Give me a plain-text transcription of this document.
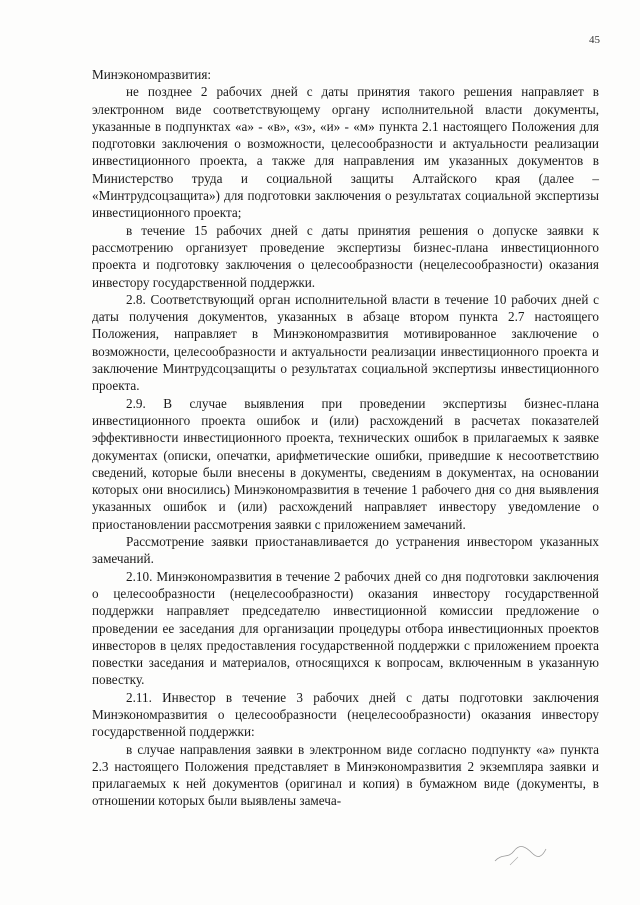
45

Минэкономразвития:

не позднее 2 рабочих дней с даты принятия такого решения направляет в электронном виде соответствующему органу исполнительной власти документы, указанные в подпунктах «а» - «в», «з», «и» - «м» пункта 2.1 настоящего Положения для подготовки заключения о возможности, целесообразности и актуальности реализации инвестиционного проекта, а также для направления им указанных документов в Министерство труда и социальной защиты Алтайского края (далее – «Минтрудсоцзащита») для подготовки заключения о результатах социальной экспертизы инвестиционного проекта;

в течение 15 рабочих дней с даты принятия решения о допуске заявки к рассмотрению организует проведение экспертизы бизнес-плана инвестиционного проекта и подготовку заключения о целесообразности (нецелесообразности) оказания инвестору государственной поддержки.

2.8. Соответствующий орган исполнительной власти в течение 10 рабочих дней с даты получения документов, указанных в абзаце втором пункта 2.7 настоящего Положения, направляет в Минэкономразвития мотивированное заключение о возможности, целесообразности и актуальности реализации инвестиционного проекта и заключение Минтрудсоцзащиты о результатах социальной экспертизы инвестиционного проекта.

2.9. В случае выявления при проведении экспертизы бизнес-плана инвестиционного проекта ошибок и (или) расхождений в расчетах показателей эффективности инвестиционного проекта, технических ошибок в прилагаемых к заявке документах (описки, опечатки, арифметические ошибки, приведшие к несоответствию сведений, которые были внесены в документы, сведениям в документах, на основании которых они вносились) Минэкономразвития в течение 1 рабочего дня со дня выявления указанных ошибок и (или) расхождений направляет инвестору уведомление о приостановлении рассмотрения заявки с приложением замечаний.

Рассмотрение заявки приостанавливается до устранения инвестором указанных замечаний.

2.10. Минэкономразвития в течение 2 рабочих дней со дня подготовки заключения о целесообразности (нецелесообразности) оказания инвестору государственной поддержки направляет председателю инвестиционной комиссии предложение о проведении ее заседания для организации процедуры отбора инвестиционных проектов инвесторов в целях предоставления государственной поддержки с приложением проекта повестки заседания и материалов, относящихся к вопросам, включенным в указанную повестку.

2.11. Инвестор в течение 3 рабочих дней с даты подготовки заключения Минэкономразвития о целесообразности (нецелесообразности) оказания инвестору государственной поддержки:

в случае направления заявки в электронном виде согласно подпункту «а» пункта 2.3 настоящего Положения представляет в Минэкономразвития 2 экземпляра заявки и прилагаемых к ней документов (оригинал и копия) в бумажном виде (документы, в отношении которых были выявлены замеча-
